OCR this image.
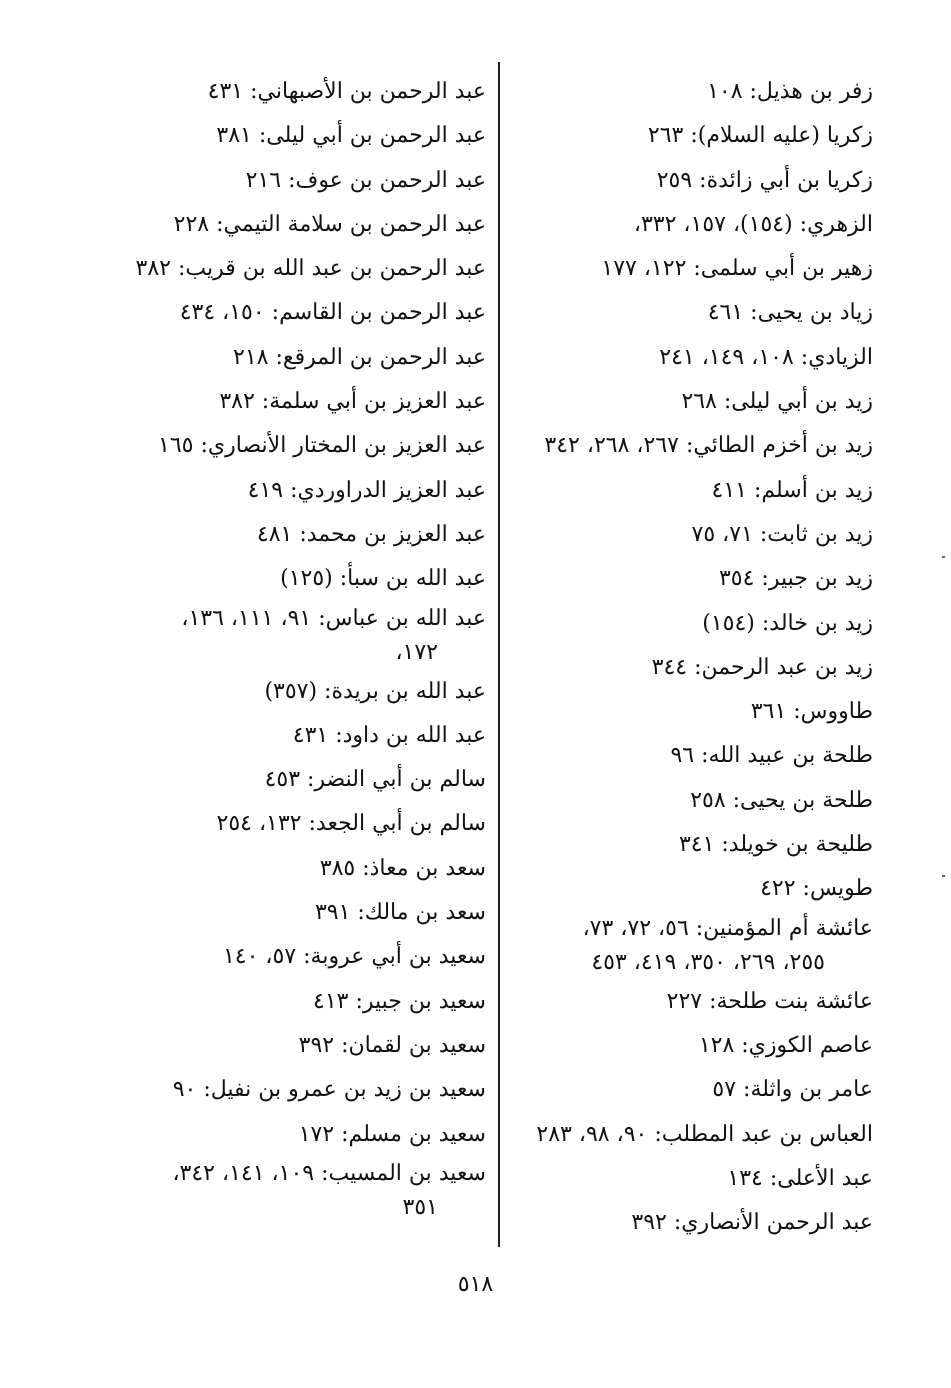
زفر بن هذيل: ١٠٨
زكريا (عليه السلام): ٢٦٣
زكريا بن أبي زائدة: ٢٥٩
الزهري: (١٥٤)، ١٥٧، ٣٣٢،
زهير بن أبي سلمى: ١٢٢، ١٧٧
زياد بن يحيى: ٤٦١
الزيادي: ١٠٨، ١٤٩، ٢٤١
زيد بن أبي ليلى: ٢٦٨
زيد بن أخزم الطائي: ٢٦٧، ٢٦٨، ٣٤٢
زيد بن أسلم: ٤١١
زيد بن ثابت: ٧١، ٧٥
زيد بن جبير: ٣٥٤
زيد بن خالد: (١٥٤)
زيد بن عبد الرحمن: ٣٤٤
طاووس: ٣٦١
طلحة بن عبيد الله: ٩٦
طلحة بن يحيى: ٢٥٨
طليحة بن خويلد: ٣٤١
طويس: ٤٢٢
عائشة أم المؤمنين: ٥٦، ٧٢، ٧٣،
٢٥٥، ٢٦٩، ٣٥٠، ٤١٩، ٤٥٣
عائشة بنت طلحة: ٢٢٧
عاصم الكوزي: ١٢٨
عامر بن واثلة: ٥٧
العباس بن عبد المطلب: ٩٠، ٩٨، ٢٨٣
عبد الأعلى: ١٣٤
عبد الرحمن الأنصاري: ٣٩٢
عبد الرحمن بن الأصبهاني: ٤٣١
عبد الرحمن بن أبي ليلى: ٣٨١
عبد الرحمن بن عوف: ٢١٦
عبد الرحمن بن سلامة التيمي: ٢٢٨
عبد الرحمن بن عبد الله بن قريب: ٣٨٢
عبد الرحمن بن القاسم: ١٥٠، ٤٣٤
عبد الرحمن بن المرقع: ٢١٨
عبد العزيز بن أبي سلمة: ٣٨٢
عبد العزيز بن المختار الأنصاري: ١٦٥
عبد العزيز الدراوردي: ٤١٩
عبد العزيز بن محمد: ٤٨١
عبد الله بن سبأ: (١٢٥)
عبد الله بن عباس: ٩١، ١١١، ١٣٦،
١٧٢،
عبد الله بن بريدة: (٣٥٧)
عبد الله بن داود: ٤٣١
سالم بن أبي النضر: ٤٥٣
سالم بن أبي الجعد: ١٣٢، ٢٥٤
سعد بن معاذ: ٣٨٥
سعد بن مالك: ٣٩١
سعيد بن أبي عروبة: ٥٧، ١٤٠
سعيد بن جبير: ٤١٣
سعيد بن لقمان: ٣٩٢
سعيد بن زيد بن عمرو بن نفيل: ٩٠
سعيد بن مسلم: ١٧٢
سعيد بن المسيب: ١٠٩، ١٤١، ٣٤٢،
٣٥١
٥١٨
